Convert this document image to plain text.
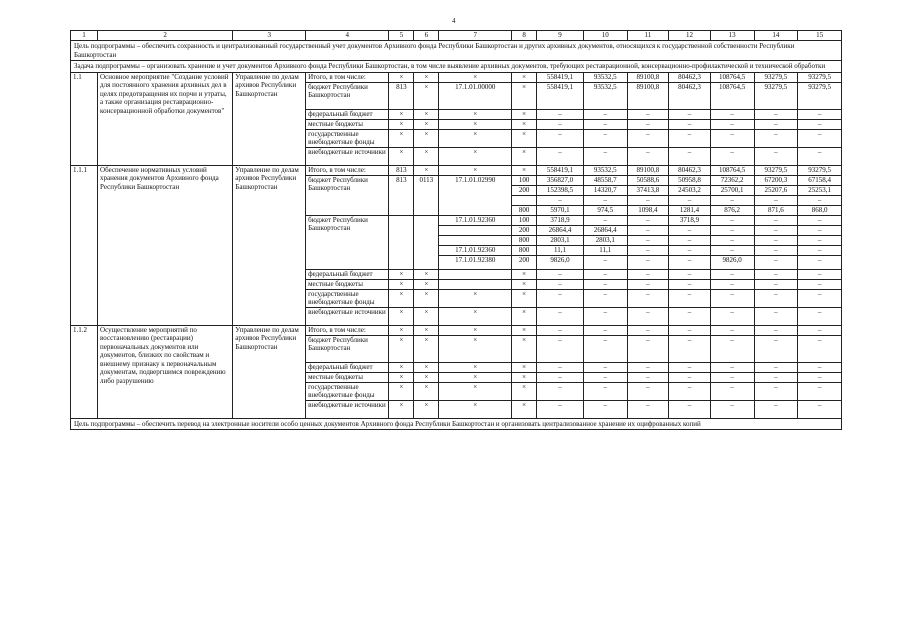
4
1	2	3	4	5	6	7	8	9	10	11	12	13	14	15
Цель подпрограммы – обеспечить сохранность и централизованный государственный учет документов Архивного фонда Республики Башкортостан и других архивных документов, относящихся к государственной собственности Республики Башкортостан														
Задача подпрограммы – организовать хранение и учет документов Архивного фонда Республики Башкортостан, в том числе выявление архивных документов, требующих реставрационной, консервационно-профилактической и технической обработки														
1.1	Основное мероприятие "Создание условий для постоянного хранения архивных дел в целях предотвращения их порчи и утраты, а также организация реставрационно-консервационной обработки документов"	Управление по делам архивов Республики Башкортостан	Итого, в том числе:	×	×	×	×	558419,1	93532,5	89100,8	80462,3	108764,5	93279,5	93279,5
			бюджет Республики Башкортостан	813	×	17.1.01.00000	×	558419,1	93532,5	89100,8	80462,3	108764,5	93279,5	93279,5
			федеральный бюджет	×	×	×	×	–	–	–	–	–	–	–
			местные бюджеты	×	×	×	×	–	–	–	–	–	–	–
			государственные внебюджетные фонды	×	×	×	×	–	–	–	–	–	–	–
			внебюджетные источники	×	×	×	×	–	–	–	–	–	–	–
1.1.1	Обеспечение нормативных условий хранения документов Архивного фонда Республики Башкортостан	Управление по делам архивов Республики Башкортостан	Итого, в том числе:	813	×	×	×	558419,1	93532,5	89100,8	80462,3	108764,5	93279,5	93279,5
			бюджет Республики Башкортостан	813	0113	17.1.01.02990	100	356827,0	48558,7	50588,6	50958,8	72362,2	67200,3	67158,4
							200	152398,5	14320,7	37413,8	24503,2	25700,1	25207,6	25253,1
								–	–	–	–	–	–	–
							800	5970,1	974,5	1098,4	1281,4	876,2	871,6	868,0
			бюджет Республики Башкортостан			17.1.01.92360	100	3718,9	–	–	3718,9	–	–	–
							200	26864,4	26864,4	–	–	–	–	–
							800	2803,1	2803,1	–	–	–	–	–
						17.1.01.92360	800	11,1	11,1	–	–	–	–	–
						17.1.01.92380	200	9826,0	–	–	–	9826,0	–	–
			федеральный бюджет	×	×		×	–	–	–	–	–	–	–
			местные бюджеты	×	×		×	–	–	–	–	–	–	–
			государственные внебюджетные фонды	×	×	×	×	–	–	–	–	–	–	–
			внебюджетные источники	×	×	×	×	–	–	–	–	–	–	–
1.1.2	Осуществление мероприятий по восстановлению (реставрации) первоначальных документов или документов, близких по свойствам и внешнему признаку к первоначальным документам, подвергшимся повреждению либо разрушению	Управление по делам архивов Республики Башкортостан	Итого, в том числе:	×	×	×	×	–	–	–	–	–	–	–
			бюджет Республики Башкортостан	×	×	×	×	–	–	–	–	–	–	–
			федеральный бюджет	×	×	×	×	–	–	–	–	–	–	–
			местные бюджеты	×	×	×	×	–	–	–	–	–	–	–
			государственные внебюджетные фонды	×	×	×	×	–	–	–	–	–	–	–
			внебюджетные источники	×	×	×	×	–	–	–	–	–	–	–
Цель подпрограммы – обеспечить перевод на электронные носители особо ценных документов Архивного фонда Республики Башкортостан и организовать централизованное хранение их оцифрованных копий														
